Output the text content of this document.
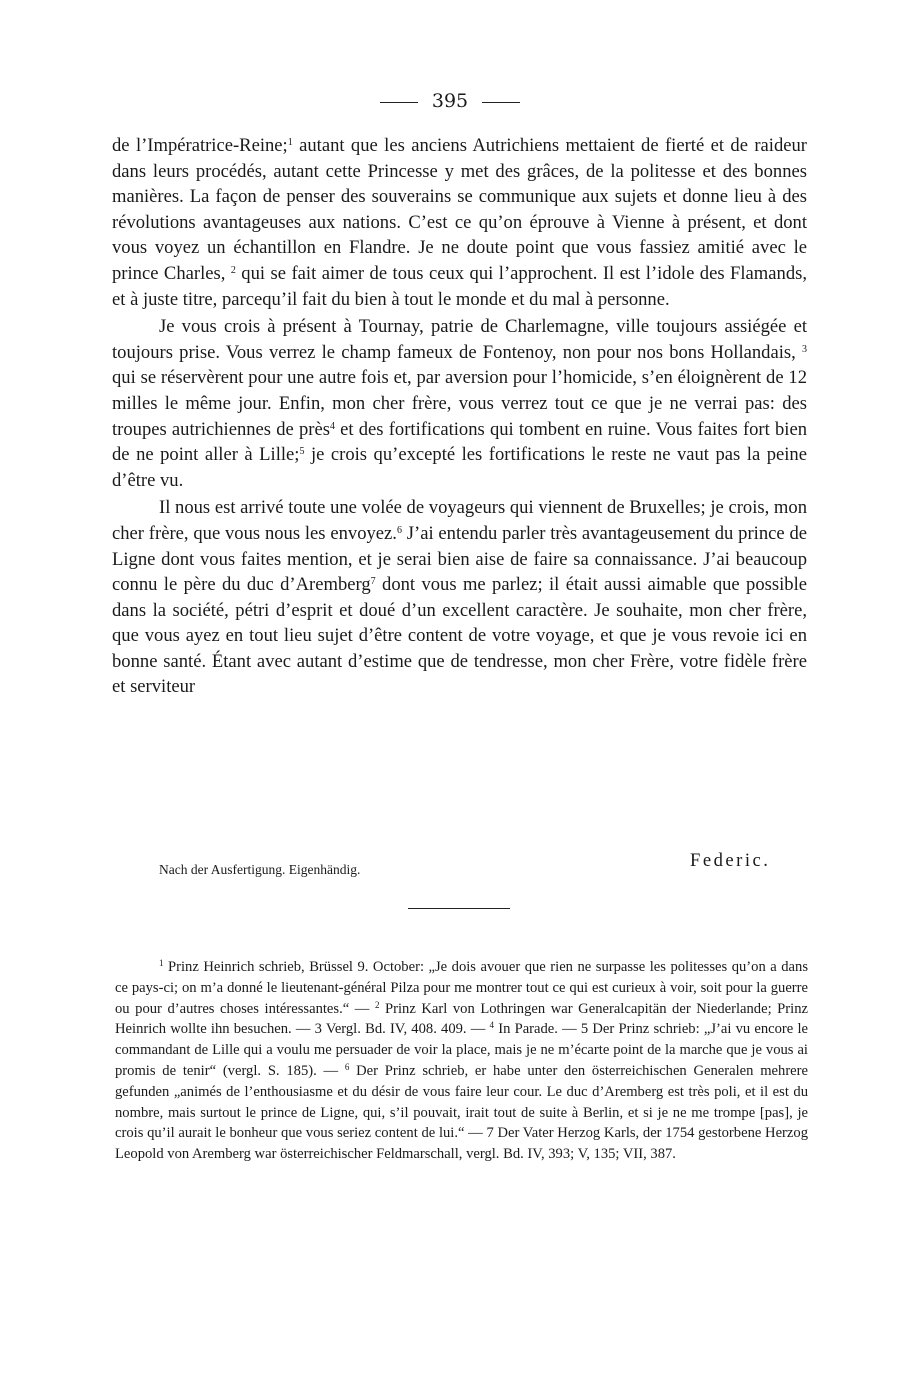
395

de l’Impératrice-Reine;$^1$ autant que les anciens Autrichiens mettaient de fierté et de raideur dans leurs procédés, autant cette Princesse y met des grâces, de la politesse et des bonnes manières. La façon de penser des souverains se communique aux sujets et donne lieu à des révolutions avantageuses aux nations. C’est ce qu’on éprouve à Vienne à présent, et dont vous voyez un échantillon en Flandre. Je ne doute point que vous fassiez amitié avec le prince Charles, $^2$ qui se fait aimer de tous ceux qui l’approchent. Il est l’idole des Flamands, et à juste titre, parcequ’il fait du bien à tout le monde et du mal à personne.

Je vous crois à présent à Tournay, patrie de Charlemagne, ville toujours assiégée et toujours prise. Vous verrez le champ fameux de Fontenoy, non pour nos bons Hollandais, $^3$ qui se réservèrent pour une autre fois et, par aversion pour l’homicide, s’en éloignèrent de 12 milles le même jour. Enfin, mon cher frère, vous verrez tout ce que je ne verrai pas: des troupes autrichiennes de près$^4$ et des fortifications qui tombent en ruine. Vous faites fort bien de ne point aller à Lille;$^5$ je crois qu’excepté les fortifications le reste ne vaut pas la peine d’être vu.

Il nous est arrivé toute une volée de voyageurs qui viennent de Bruxelles; je crois, mon cher frère, que vous nous les envoyez.$^6$ J’ai entendu parler très avantageusement du prince de Ligne dont vous faites mention, et je serai bien aise de faire sa connaissance. J’ai beaucoup connu le père du duc d’Aremberg$^7$ dont vous me parlez; il était aussi aimable que possible dans la société, pétri d’esprit et doué d’un excellent caractère. Je souhaite, mon cher frère, que vous ayez en tout lieu sujet d’être content de votre voyage, et que je vous revoie ici en bonne santé. Étant avec autant d’estime que de tendresse, mon cher Frère, votre fidèle frère et serviteur

Nach der Ausfertigung. Eigenhändig.	Federic.

$^1$ Prinz Heinrich schrieb, Brüssel 9. October: „Je dois avouer que rien ne surpasse les politesses qu’on a dans ce pays-ci; on m’a donné le lieutenant-général Pilza pour me montrer tout ce qui est curieux à voir, soit pour la guerre ou pour d’autres choses intéressantes.“ — $^2$ Prinz Karl von Lothringen war Generalcapitän der Niederlande; Prinz Heinrich wollte ihn besuchen. — 3 Vergl. Bd. IV, 408. 409. — $^4$ In Parade. — 5 Der Prinz schrieb: „J’ai vu encore le commandant de Lille qui a voulu me persuader de voir la place, mais je ne m’écarte point de la marche que je vous ai promis de tenir“ (vergl. S. 185). — $^6$ Der Prinz schrieb, er habe unter den österreichischen Generalen mehrere gefunden „animés de l’enthousiasme et du désir de vous faire leur cour. Le duc d’Aremberg est très poli, et il est du nombre, mais surtout le prince de Ligne, qui, s’il pouvait, irait tout de suite à Berlin, et si je ne me trompe [pas], je crois qu’il aurait le bonheur que vous seriez content de lui.“ — 7 Der Vater Herzog Karls, der 1754 gestorbene Herzog Leopold von Aremberg war österreichischer Feldmarschall, vergl. Bd. IV, 393; V, 135; VII, 387.
